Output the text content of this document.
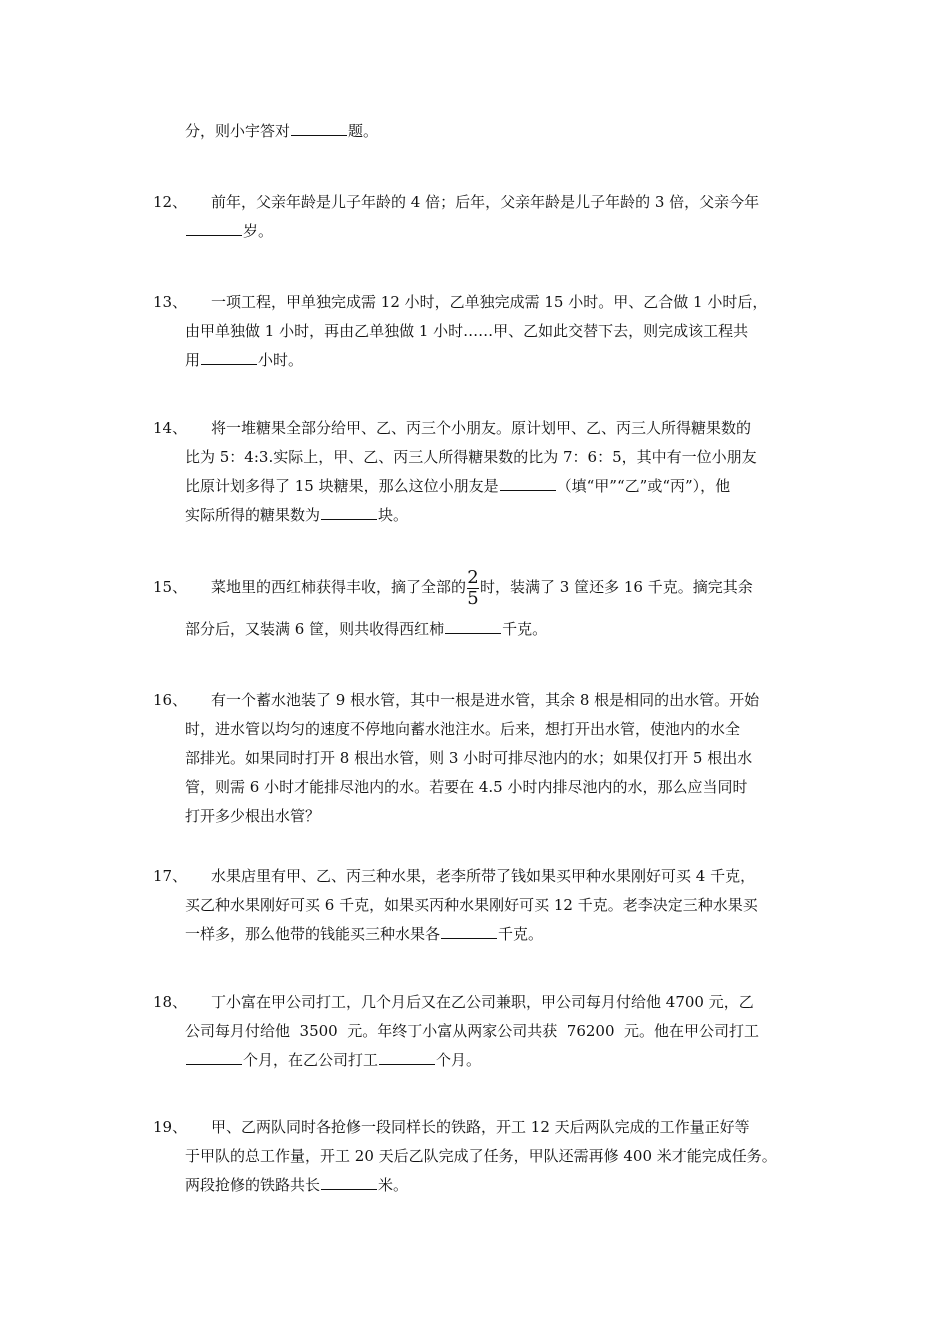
分，则小宇答对	题。
12、	前年，父亲年龄是儿子年龄的 4 倍；后年，父亲年龄是儿子年龄的 3 倍，父亲今年
岁。
13、	一项工程，甲单独完成需 12 小时，乙单独完成需 15 小时。甲、乙合做 1 小时后，
由甲单独做 1 小时，再由乙单独做 1 小时……甲、乙如此交替下去，则完成该工程共
用	小时。
14、	将一堆糖果全部分给甲、乙、丙三个小朋友。原计划甲、乙、丙三人所得糖果数的
比为 5：4:3.实际上，甲、乙、丙三人所得糖果数的比为 7：6：5，其中有一位小朋友
比原计划多得了 15 块糖果，那么这位小朋友是	（填“甲”“乙”或“丙”），他
实际所得的糖果数为	块。
15、	菜地里的西红柿获得丰收，摘了全部的 $\frac{2}{5}$ 时，装满了 3 筐还多 16 千克。摘完其余
部分后，又装满 6 筐，则共收得西红柿	千克。
16、	有一个蓄水池装了 9 根水管，其中一根是进水管，其余 8 根是相同的出水管。开始
时，进水管以均匀的速度不停地向蓄水池注水。后来，想打开出水管，使池内的水全
部排光。如果同时打开 8 根出水管，则 3 小时可排尽池内的水；如果仅打开 5 根出水
管，则需 6 小时才能排尽池内的水。若要在 4.5 小时内排尽池内的水，那么应当同时
打开多少根出水管？
17、	水果店里有甲、乙、丙三种水果，老李所带了钱如果买甲种水果刚好可买 4 千克，
买乙种水果刚好可买 6 千克，如果买丙种水果刚好可买 12 千克。老李决定三种水果买
一样多，那么他带的钱能买三种水果各	千克。
18、	丁小富在甲公司打工，几个月后又在乙公司兼职，甲公司每月付给他 4700 元，乙
公司每月付给他  3500  元。年终丁小富从两家公司共获  76200  元。他在甲公司打工
个月，在乙公司打工	个月。
19、	甲、乙两队同时各抢修一段同样长的铁路，开工 12 天后两队完成的工作量正好等
于甲队的总工作量，开工 20 天后乙队完成了任务，甲队还需再修 400 米才能完成任务。
两段抢修的铁路共长	米。
